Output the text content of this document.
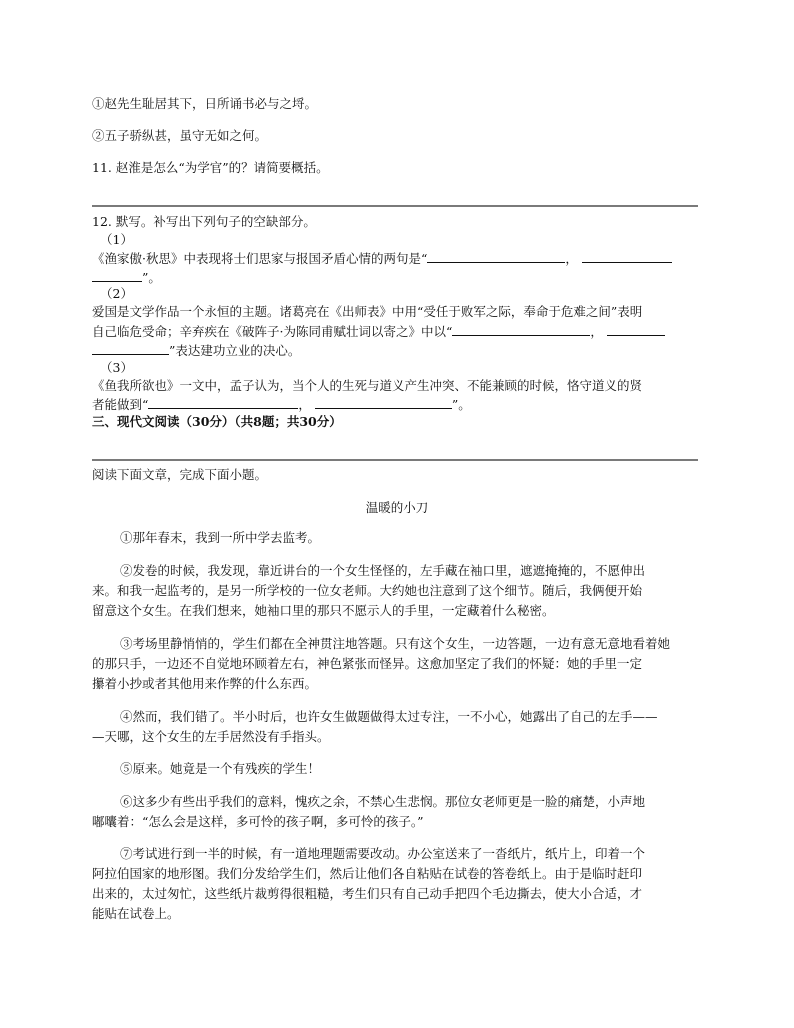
①赵先生耻居其下，日所诵书必与之埒。
②五子骄纵甚，虽守无如之何。
11. 赵淮是怎么“为学官”的？请简要概括。
12. 默写。补写出下列句子的空缺部分。
（1）
《渔家傲·秋思》中表现将士们思家与报国矛盾心情的两句是“	，
”。
（2）
爱国是文学作品一个永恒的主题。诸葛亮在《出师表》中用“受任于败军之际，奉命于危难之间”表明
自己临危受命；辛弃疾在《破阵子·为陈同甫赋壮词以寄之》中以“	，
”表达建功立业的决心。
（3）
《鱼我所欲也》一文中，孟子认为，当个人的生死与道义产生冲突、不能兼顾的时候，恪守道义的贤
者能做到“	，	”。
三、现代文阅读（30分）（共8题；共30分）
阅读下面文章，完成下面小题。
温暖的小刀
①那年春末，我到一所中学去监考。
②发卷的时候，我发现，靠近讲台的一个女生怪怪的，左手藏在袖口里，遮遮掩掩的，不愿伸出
来。和我一起监考的，是另一所学校的一位女老师。大约她也注意到了这个细节。随后，我俩便开始
留意这个女生。在我们想来，她袖口里的那只不愿示人的手里，一定藏着什么秘密。
③考场里静悄悄的，学生们都在全神贯注地答题。只有这个女生，一边答题，一边有意无意地看着她
的那只手，一边还不自觉地环顾着左右，神色紧张而怪异。这愈加坚定了我们的怀疑：她的手里一定
攥着小抄或者其他用来作弊的什么东西。
④然而，我们错了。半小时后，也许女生做题做得太过专注，一不小心，她露出了自己的左手——
—天哪，这个女生的左手居然没有手指头。
⑤原来。她竟是一个有残疾的学生！
⑥这多少有些出乎我们的意料，愧疚之余，不禁心生悲悯。那位女老师更是一脸的痛楚，小声地
嘟囔着：“怎么会是这样，多可怜的孩子啊，多可怜的孩子。”
⑦考试进行到一半的时候，有一道地理题需要改动。办公室送来了一沓纸片，纸片上，印着一个
阿拉伯国家的地形图。我们分发给学生们，然后让他们各自粘贴在试卷的答卷纸上。由于是临时赶印
出来的，太过匆忙，这些纸片裁剪得很粗糙，考生们只有自己动手把四个毛边撕去，使大小合适，才
能贴在试卷上。
